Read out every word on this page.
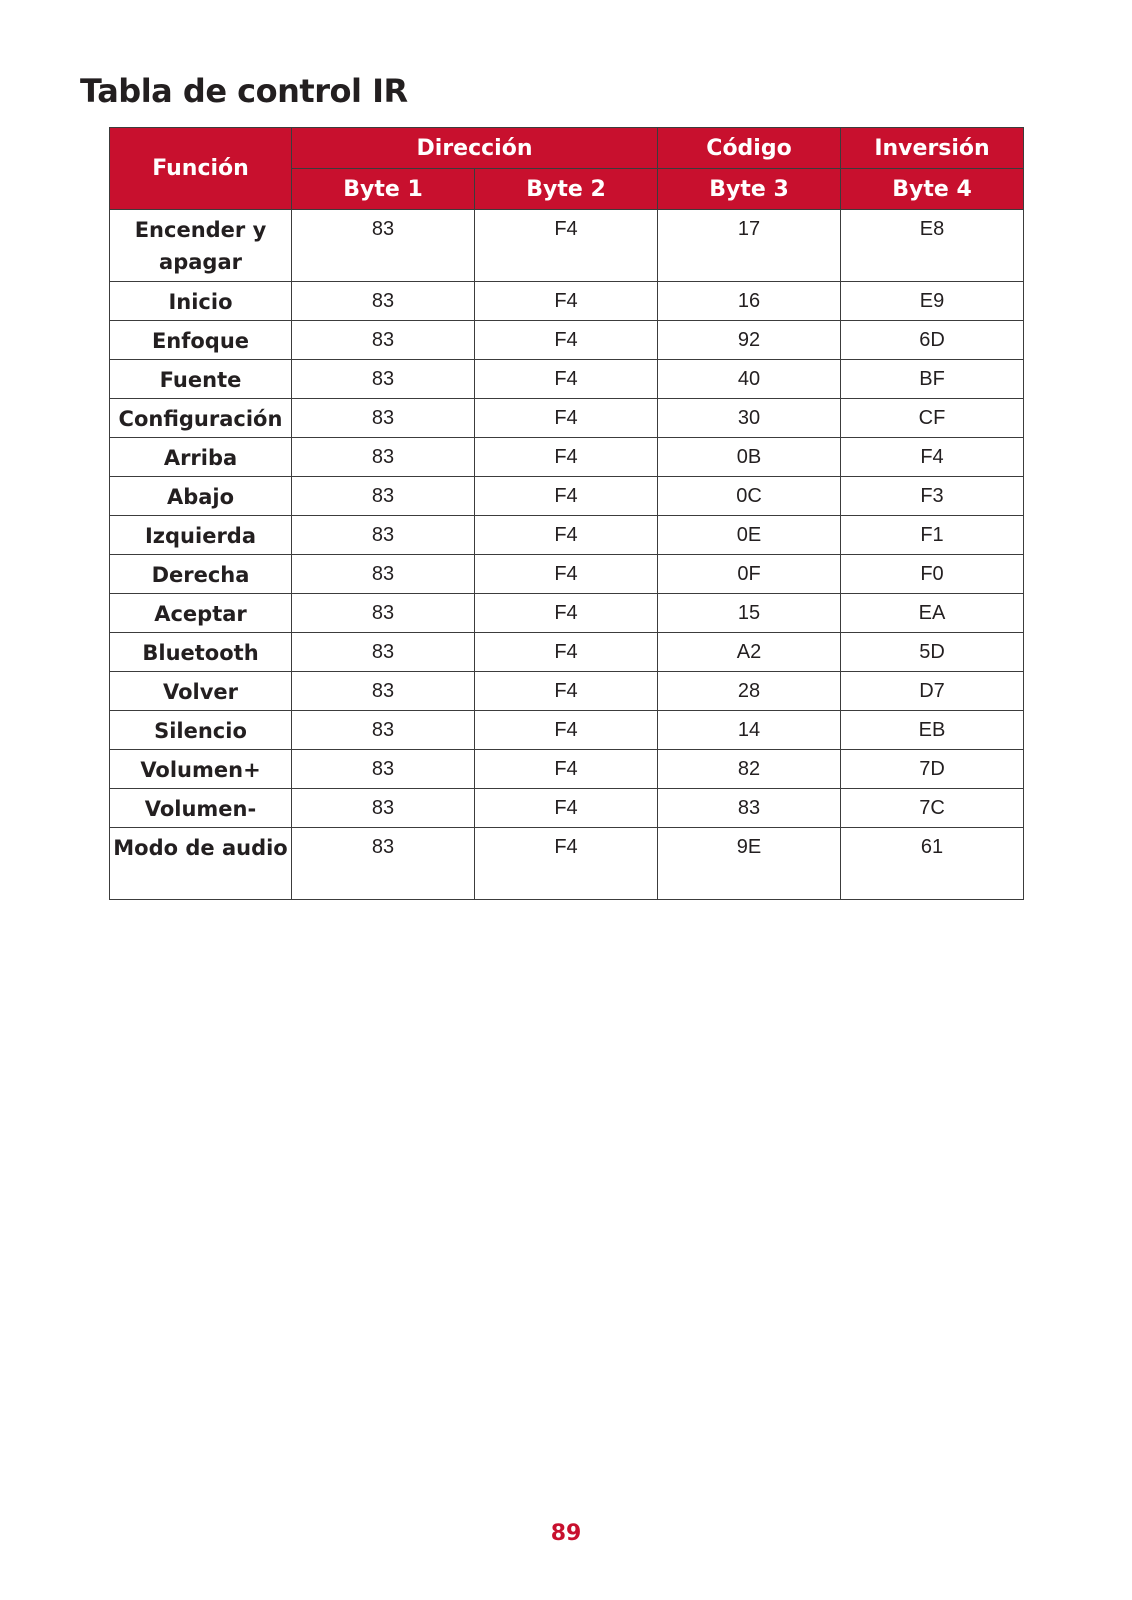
Tabla de control IR
Función	Dirección		Código	Inversión
	Byte 1	Byte 2	Byte 3	Byte 4
Encender y apagar	83	F4	17	E8
Inicio	83	F4	16	E9
Enfoque	83	F4	92	6D
Fuente	83	F4	40	BF
Configuración	83	F4	30	CF
Arriba	83	F4	0B	F4
Abajo	83	F4	0C	F3
Izquierda	83	F4	0E	F1
Derecha	83	F4	0F	F0
Aceptar	83	F4	15	EA
Bluetooth	83	F4	A2	5D
Volver	83	F4	28	D7
Silencio	83	F4	14	EB
Volumen+	83	F4	82	7D
Volumen-	83	F4	83	7C
Modo de audio	83	F4	9E	61
89
